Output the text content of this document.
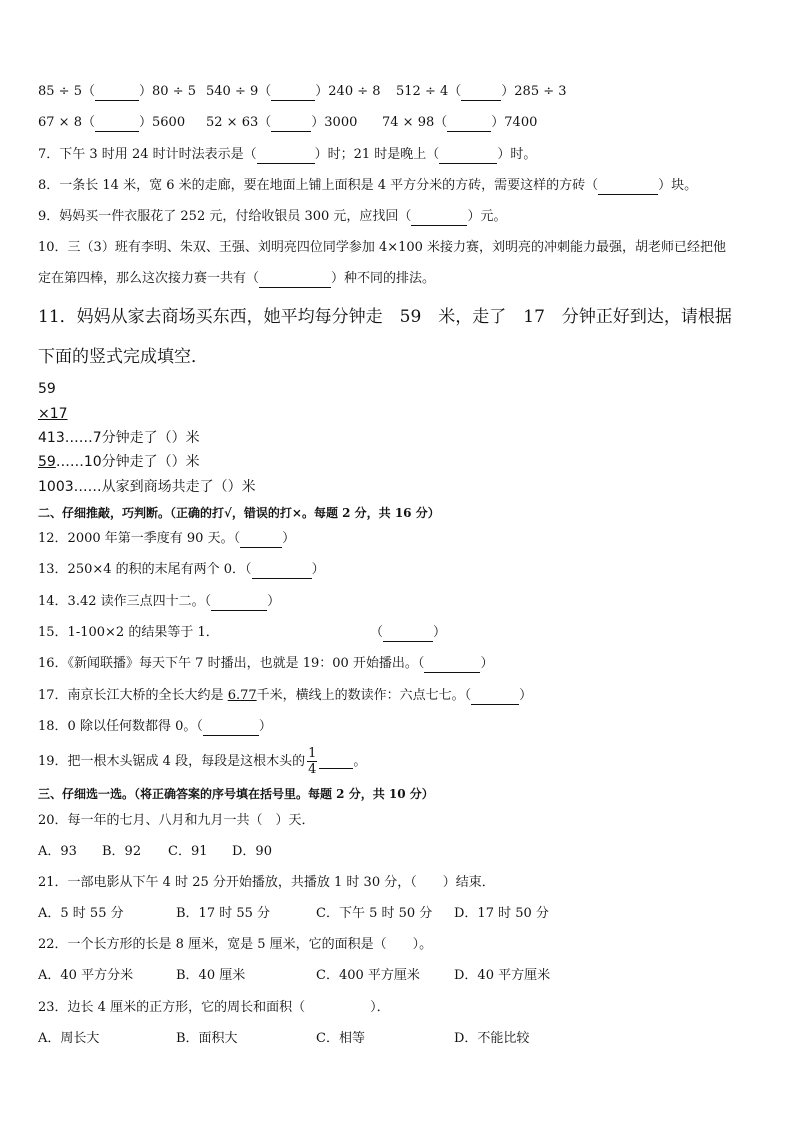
85 ÷ 5（	）80 ÷ 5 540 ÷ 9（	）240 ÷ 8 512 ÷ 4（	）285 ÷ 3
67 × 8（	）5600 52 × 63（	）3000 74 × 98（	）7400
7．下午 3 时用 24 时计时法表示是（	）时；21 时是晚上（	）时。
8．一条长 14 米，宽 6 米的走廊，要在地面上铺上面积是 4 平方分米的方砖，需要这样的方砖（	）块。
9．妈妈买一件衣服花了 252 元，付给收银员 300 元，应找回（	）元。
10．三（3）班有李明、朱双、王强、刘明亮四位同学参加 4×100 米接力赛，刘明亮的冲刺能力最强，胡老师已经把他
定在第四棒，那么这次接力赛一共有（	）种不同的排法。
11．妈妈从家去商场买东西，她平均每分钟走　59　米，走了　17　分钟正好到达，请根据
下面的竖式完成填空．
59
×17
413……7分钟走了（）米
59……10分钟走了（）米
1003……从家到商场共走了（）米
二、仔细推敲，巧判断。（正确的打√，错误的打×。每题 2 分，共 16 分）
12．2000 年第一季度有 90 天。（	）
13．250×4 的积的末尾有两个 0．（	）
14．3.42 读作三点四十二。（	）
15．1-100×2 的结果等于 1．	（	）
16．《新闻联播》每天下午 7 时播出，也就是 19：00 开始播出。（	）
17．南京长江大桥的全长大约是 6.77千米，横线上的数读作：六点七七。（	）
18．0 除以任何数都得 0。（	）
19．把一根木头锯成 4 段，每段是这根木头的 $\frac{1}{4}$	。
三、仔细选一选。（将正确答案的序号填在括号里。每题 2 分，共 10 分）
20．每一年的七月、八月和九月一共（　）天．
A．93 B．92 C．91 D．90
21．一部电影从下午 4 时 25 分开始播放，共播放 1 时 30 分，（　　）结束．
A．5 时 55 分	B．17 时 55 分	C．下午 5 时 50 分 D．17 时 50 分
22．一个长方形的长是 8 厘米，宽是 5 厘米，它的面积是（　　）。
A．40 平方分米	B．40 厘米	C．400 平方厘米	D．40 平方厘米
23．边长 4 厘米的正方形，它的周长和面积（　　　　　）．
A．周长大	B．面积大	C．相等	D．不能比较
